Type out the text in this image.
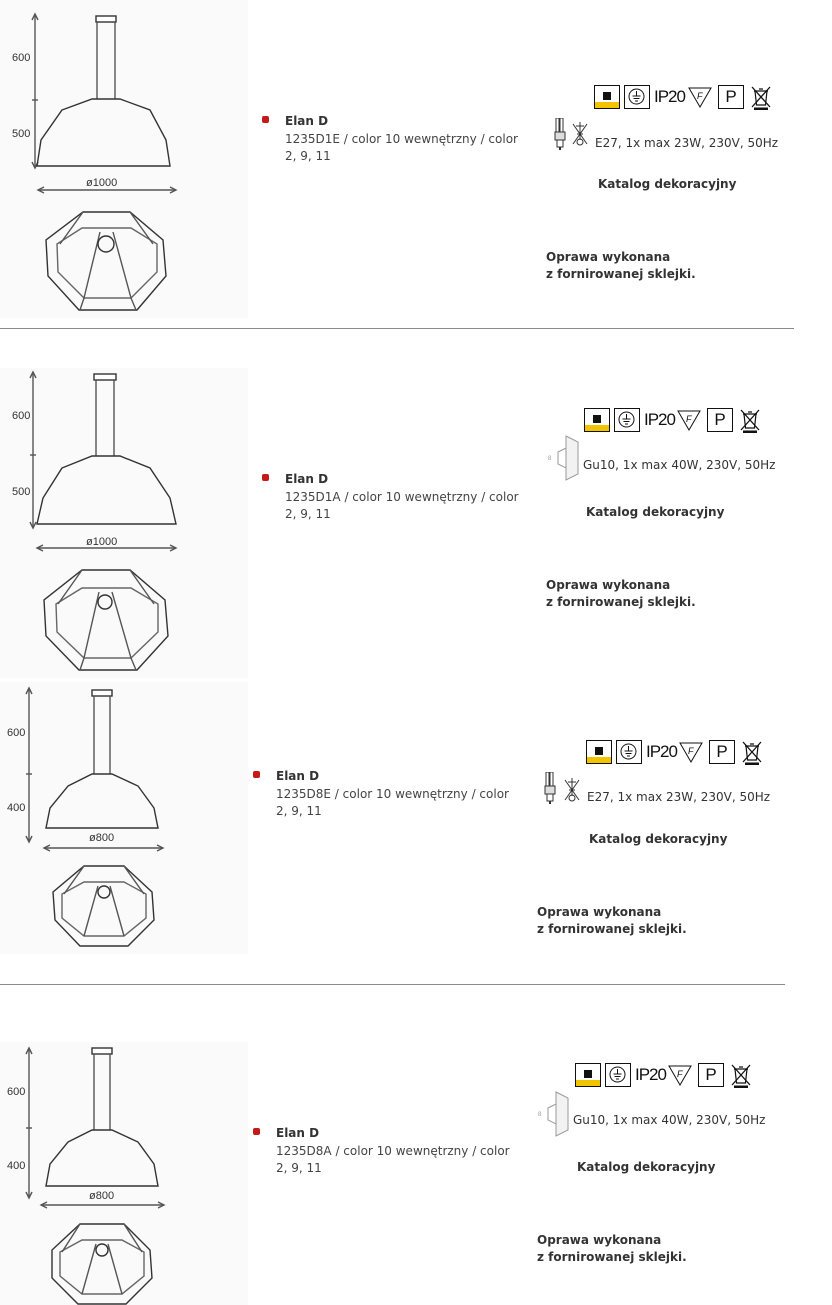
600
500
ø1000
Elan D
1235D1E / color 10 wewnętrzny / color 2, 9, 11
IP20 F	P
E27, 1x max 23W, 230V, 50Hz
Katalog dekoracyjny
Oprawa wykonana
z fornirowanej sklejki.
600
500
ø1000
Elan D
1235D1A / color 10 wewnętrzny / color 2, 9, 11
IP20 F	P
8	Gu10, 1x max 40W, 230V, 50Hz
Katalog dekoracyjny
Oprawa wykonana
z fornirowanej sklejki.
600
400
ø800
Elan D
1235D8E / color 10 wewnętrzny / color 2, 9, 11
IP20 F	P
E27, 1x max 23W, 230V, 50Hz
Katalog dekoracyjny
Oprawa wykonana
z fornirowanej sklejki.
600
400
ø800
Elan D
1235D8A / color 10 wewnętrzny / color 2, 9, 11
IP20 F	P
8	Gu10, 1x max 40W, 230V, 50Hz
Katalog dekoracyjny
Oprawa wykonana
z fornirowanej sklejki.
